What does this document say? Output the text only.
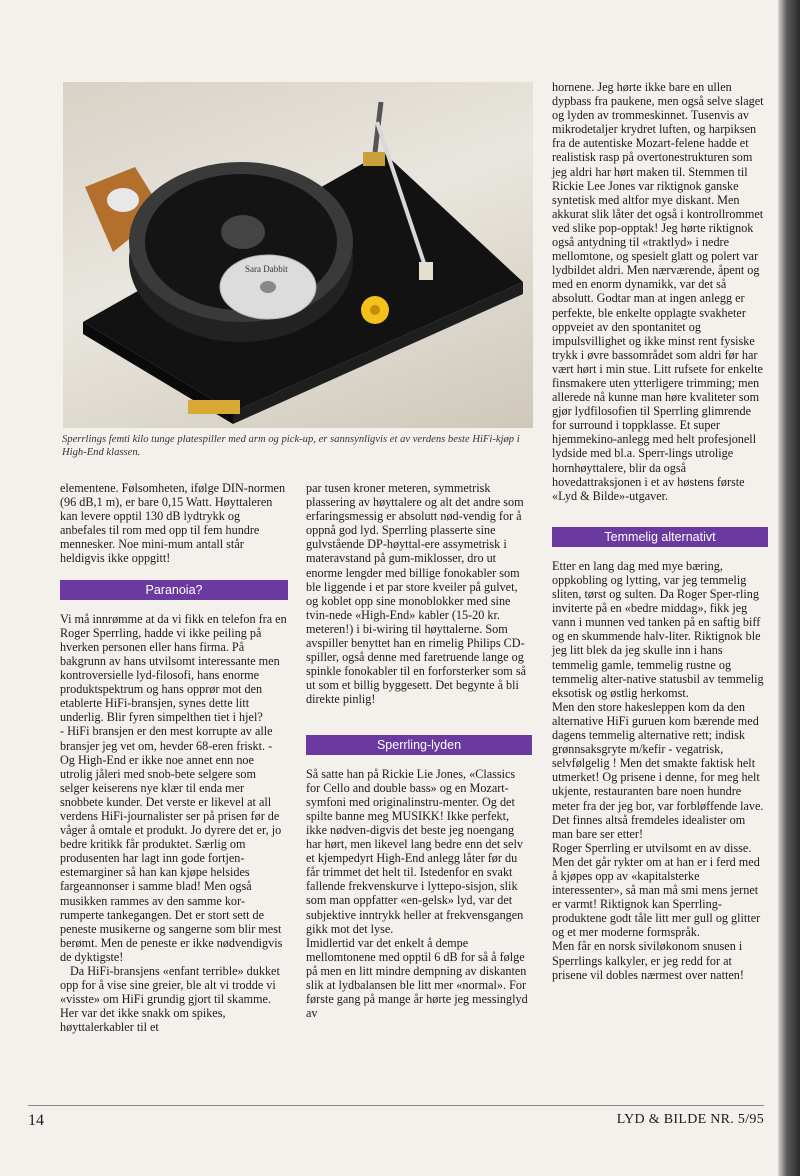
Sara Dabbit
Sperrlings femti kilo tunge platespiller med arm og pick-up, er sannsynligvis et av verdens beste HiFi-kjøp i High-End klassen.

elementene. Følsomheten, ifølge DIN-normen (96 dB,1 m), er bare 0,15 Watt. Høyttaleren kan levere opptil 130 dB lydtrykk og anbefales til rom med opp til fem hundre mennesker. Noe mini-mum antall står heldigvis ikke oppgitt!

Paranoia?

Vi må innrømme at da vi fikk en telefon fra en Roger Sperrling, hadde vi ikke peiling på hverken personen eller hans firma. På bakgrunn av hans utvilsomt interessante men kontroversielle lyd-filosofi, hans enorme produktspektrum og hans opprør mot den etablerte HiFi-bransjen, synes dette litt underlig. Blir fyren simpelthen tiet i hjel?

- HiFi bransjen er den mest korrupte av alle bransjer jeg vet om, hevder 68-eren friskt. - Og High-End er ikke noe annet enn noe utrolig jåleri med snob-bete selgere som selger keiserens nye klær til enda mer snobbete kunder. Det verste er likevel at all verdens HiFi-journalister ser på prisen før de våger å omtale et produkt. Jo dyrere det er, jo bedre kritikk får produktet. Særlig om produsenten har lagt inn gode fortjen-estemarginer så han kan kjøpe helsides fargeannonser i samme blad! Men også musikken rammes av den samme kor-rumperte tankegangen. Det er stort sett de peneste musikerne og sangerne som blir mest berømt. Men de peneste er ikke nødvendigvis de dyktigste!

Da HiFi-bransjens «enfant terrible» dukket opp for å vise sine greier, ble alt vi trodde vi «visste» om HiFi grundig gjort til skamme. Her var det ikke snakk om spikes, høyttalerkabler til et

par tusen kroner meteren, symmetrisk plassering av høyttalere og alt det andre som erfaringsmessig er absolutt nød-vendig for å oppnå god lyd. Sperrling plasserte sine gulvstående DP-høyttal-ere assymetrisk i materavstand på gum-miklosser, dro ut enorme lengder med billige fonokabler som ble liggende i et par store kveiler på gulvet, og koblet opp sine monoblokker med sine tvin-nede «High-End» kabler (15-20 kr. meteren!) i bi-wiring til høyttalerne. Som avspiller benyttet han en rimelig Philips CD-spiller, også denne med faretruende lange og spinkle fonokabler til en forforsterker som så ut som et billig byggesett. Det begynte å bli direkte pinlig!

Sperrling-lyden

Så satte han på Rickie Lie Jones, «Classics for Cello and double bass» og en Mozart-symfoni med originalinstru-menter. Og det spilte banne meg MUSIKK! Ikke perfekt, ikke nødven-digvis det beste jeg noengang har hørt, men likevel lang bedre enn det selv et kjempedyrt High-End anlegg låter før du får trimmet det helt til. Istedenfor en svakt fallende frekvenskurve i lyttepo-sisjon, slik som man oppfatter «en-gelsk» lyd, var det subjektive inntrykk heller at frekvensgangen gikk mot det lyse.

Imidlertid var det enkelt å dempe mellomtonene med opptil 6 dB for så å følge på men en litt mindre dempning av diskanten slik at lydbalansen ble litt mer «normal». For første gang på mange år hørte jeg messinglyd av

hornene. Jeg hørte ikke bare en ullen dypbass fra paukene, men også selve slaget og lyden av trommeskinnet. Tusenvis av mikrodetaljer krydret luften, og harpiksen fra de autentiske Mozart-felene hadde et realistisk rasp på overtonestrukturen som jeg aldri har hørt maken til. Stemmen til Rickie Lee Jones var riktignok ganske syntetisk med altfor mye diskant. Men akkurat slik låter det også i kontrollrommet ved slike pop-opptak! Jeg hørte riktignok også antydning til «traktlyd» i nedre mellomtone, og spesielt glatt og polert var lydbildet aldri. Men nærværende, åpent og med en enorm dynamikk, var det så absolutt. Godtar man at ingen anlegg er perfekte, ble enkelte opplagte svakheter oppveiet av den spontanitet og impulsvillighet og ikke minst rent fysiske trykk i øvre bassområdet som aldri før har vært hørt i min stue. Litt rufsete for enkelte finsmakere uten ytterligere trimming; men allerede nå kunne man høre kvaliteter som gjør lydfilosofien til Sperrling glimrende for surround i toppklasse. Et super hjemmekino-anlegg med helt profesjonell lydside med bl.a. Sperr-lings utrolige hornhøyttalere, blir da også hovedattraksjonen i et av høstens første «Lyd & Bilde»-utgaver.

Temmelig alternativt

Etter en lang dag med mye bæring, oppkobling og lytting, var jeg temmelig sliten, tørst og sulten. Da Roger Sper-rling inviterte på en «bedre middag», fikk jeg vann i munnen ved tanken på en saftig biff og en skummende halv-liter. Riktignok ble jeg litt blek da jeg skulle inn i hans temmelig gamle, temmelig rustne og temmelig alter-native statusbil av temmelig eksotisk og østlig herkomst.

Men den store hakesleppen kom da den alternative HiFi guruen kom bærende med dagens temmelig alternative rett; indisk grønnsaksgryte m/kefir - vegatrisk, selvfølgelig ! Men det smakte faktisk helt utmerket! Og prisene i denne, for meg helt ukjente, restauranten bare noen hundre meter fra der jeg bor, var forbløffende lave. Det finnes altså fremdeles idealister om man bare ser etter!

Roger Sperrling er utvilsomt en av disse. Men det går rykter om at han er i ferd med å kjøpes opp av «kapitalsterke interessenter», så man må smi mens jernet er varmt! Riktignok kan Sperrling-produktene godt tåle litt mer gull og glitter og et mer moderne formspråk.

Men får en norsk siviløkonom snusen i Sperrlings kalkyler, er jeg redd for at prisene vil dobles nærmest over natten!

14	LYD & BILDE NR. 5/95
